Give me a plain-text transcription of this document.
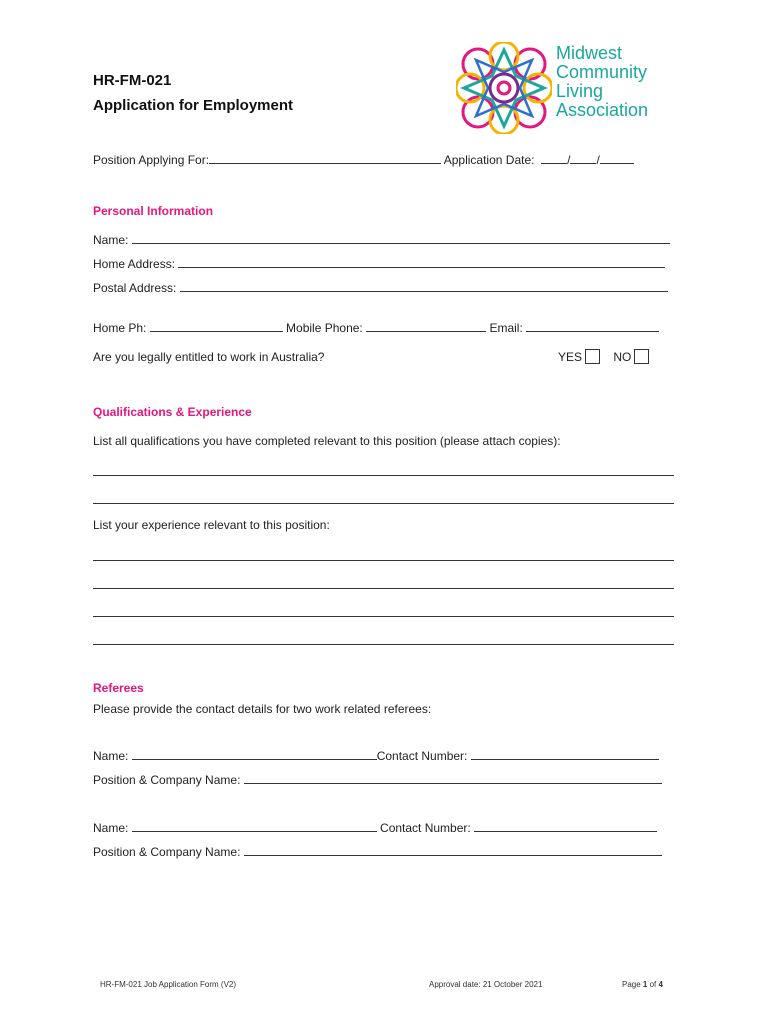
HR-FM-021
Application for Employment
Midwest
Community
Living
Association
Position Applying For:	Application Date:	/ /
Personal Information
Name:
Home Address:
Postal Address:
Home Ph:	Mobile Phone:	Email:
Are you legally entitled to work in Australia?	YES	NO
Qualifications & Experience
List all qualifications you have completed relevant to this position (please attach copies):
List your experience relevant to this position:
Referees
Please provide the contact details for two work related referees:
Name:	Contact Number:
Position & Company Name:
Name:	Contact Number:
Position & Company Name:
HR-FM-021 Job Application Form (V2)	Approval date: 21 October 2021	Page 1 of 4
